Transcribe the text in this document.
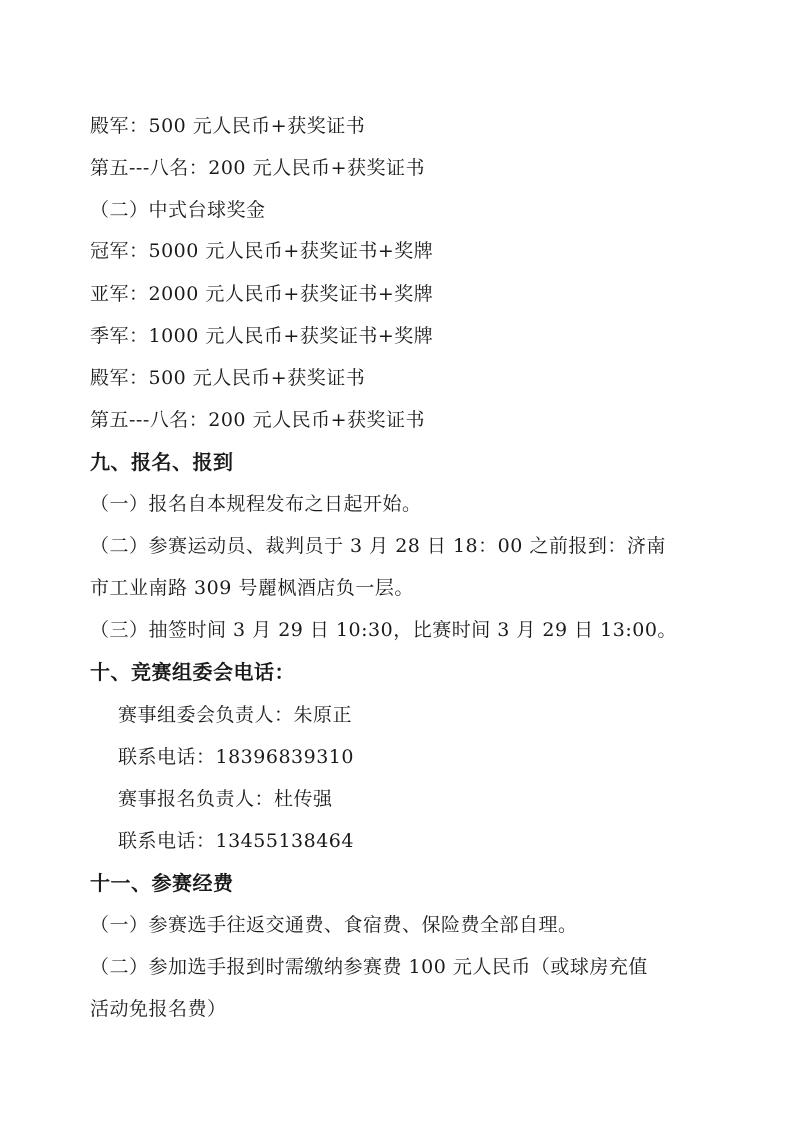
殿军：500 元人民币+获奖证书
第五---八名：200 元人民币+获奖证书
（二）中式台球奖金
冠军：5000 元人民币+获奖证书+奖牌
亚军：2000 元人民币+获奖证书+奖牌
季军：1000 元人民币+获奖证书+奖牌
殿军：500 元人民币+获奖证书
第五---八名：200 元人民币+获奖证书
九、报名、报到
（一）报名自本规程发布之日起开始。
（二）参赛运动员、裁判员于 3 月 28 日 18：00 之前报到：济南
市工业南路 309 号麗枫酒店负一层。
（三）抽签时间 3 月 29 日 10:30，比赛时间 3 月 29 日 13:00。
十、竞赛组委会电话：
赛事组委会负责人：朱原正
联系电话：18396839310
赛事报名负责人：杜传强
联系电话：13455138464
十一、参赛经费
（一）参赛选手往返交通费、食宿费、保险费全部自理。
（二）参加选手报到时需缴纳参赛费 100 元人民币（或球房充值
活动免报名费）
